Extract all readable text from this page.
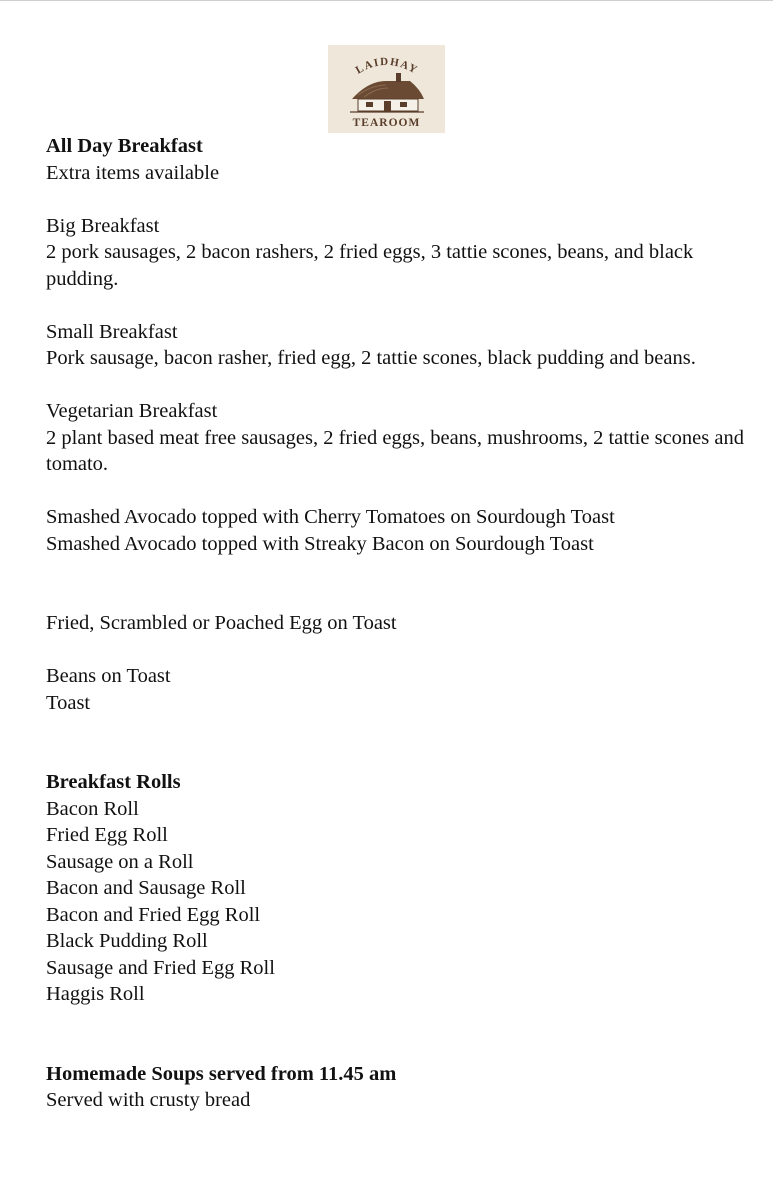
LAIDHAY
TEAROOM
All Day Breakfast
Extra items available
Big Breakfast
2 pork sausages, 2 bacon rashers, 2 fried eggs, 3 tattie scones, beans, and black pudding.
Small Breakfast
Pork sausage, bacon rasher, fried egg, 2 tattie scones, black pudding and beans.
Vegetarian Breakfast
2 plant based meat free sausages, 2 fried eggs, beans, mushrooms, 2 tattie scones and tomato.
Smashed Avocado topped with Cherry Tomatoes on Sourdough Toast
Smashed Avocado topped with Streaky Bacon on Sourdough Toast
Fried, Scrambled or Poached Egg on Toast
Beans on Toast
Toast
Breakfast Rolls
Bacon Roll
Fried Egg Roll
Sausage on a Roll
Bacon and Sausage Roll
Bacon and Fried Egg Roll
Black Pudding Roll
Sausage and Fried Egg Roll
Haggis Roll
Homemade Soups served from 11.45 am
Served with crusty bread
